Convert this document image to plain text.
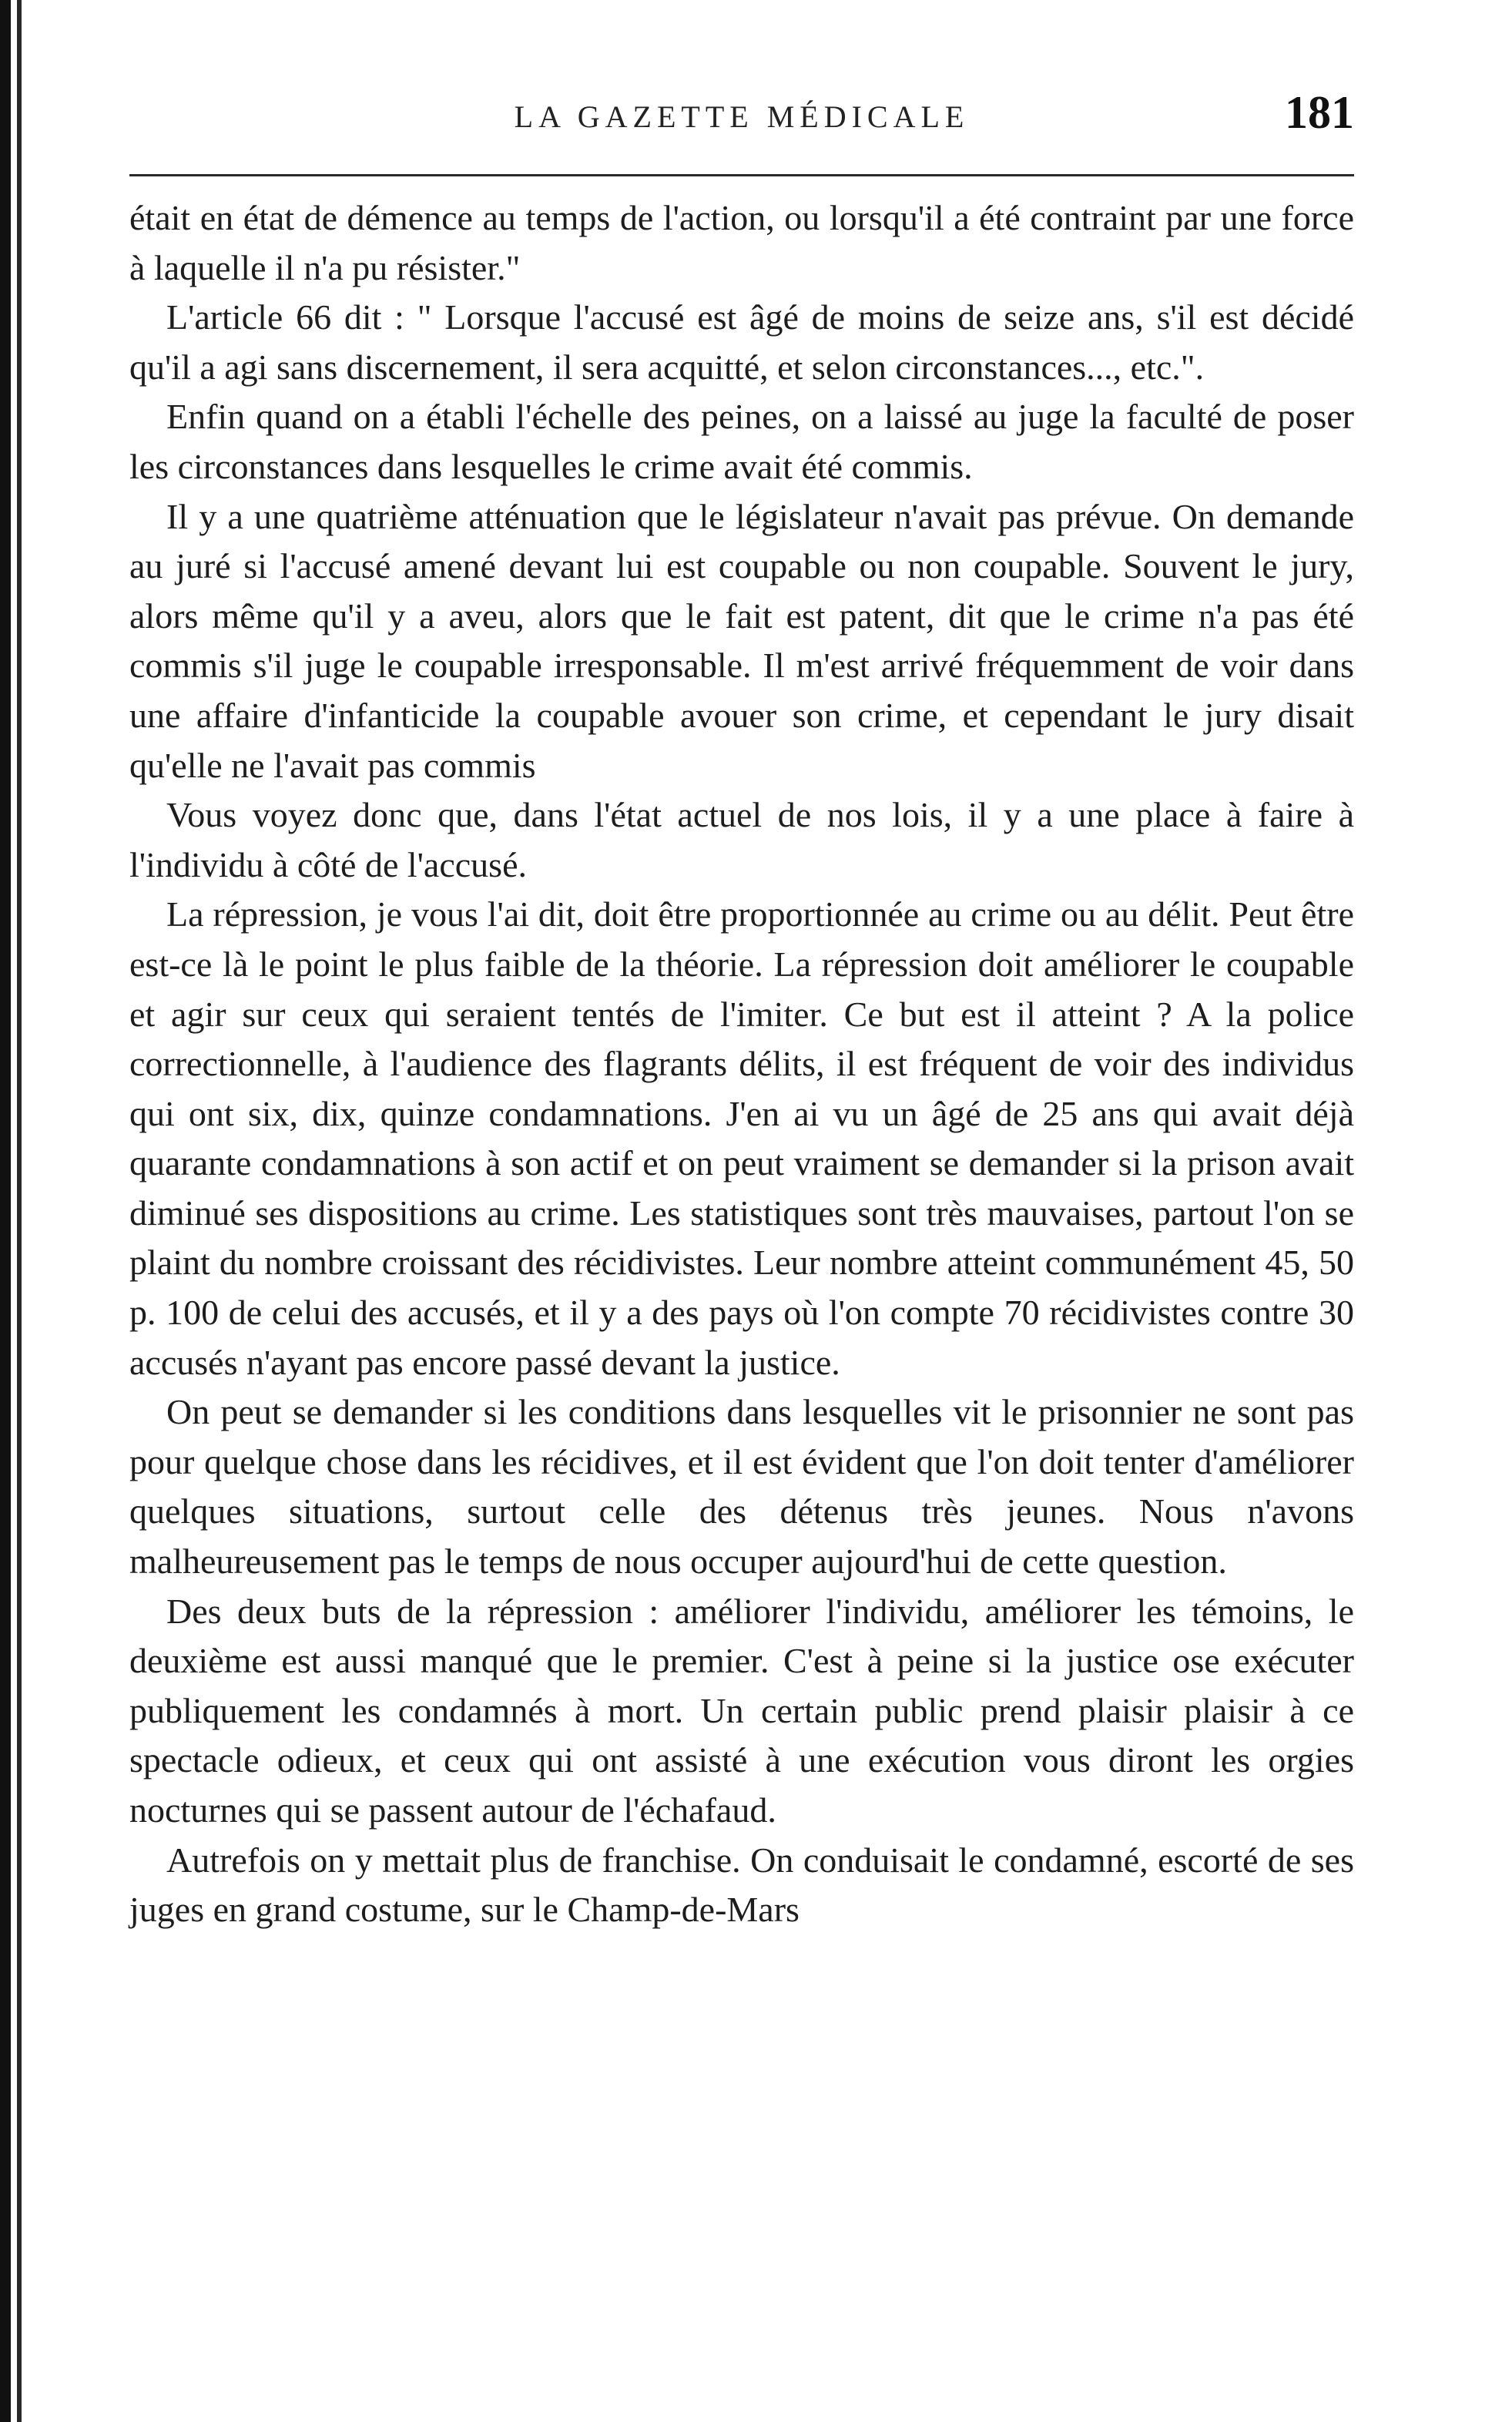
LA GAZETTE MÉDICALE	181

était en état de démence au temps de l'action, ou lorsqu'il a été contraint par une force à laquelle il n'a pu résister."

L'article 66 dit : " Lorsque l'accusé est âgé de moins de seize ans, s'il est décidé qu'il a agi sans discernement, il sera acquitté, et selon circonstances..., etc.".

Enfin quand on a établi l'échelle des peines, on a laissé au juge la faculté de poser les circonstances dans lesquelles le crime avait été commis.

Il y a une quatrième atténuation que le législateur n'avait pas prévue. On demande au juré si l'accusé amené devant lui est coupable ou non coupable. Souvent le jury, alors même qu'il y a aveu, alors que le fait est patent, dit que le crime n'a pas été commis s'il juge le coupable irresponsable. Il m'est arrivé fréquemment de voir dans une affaire d'infanticide la coupable avouer son crime, et cependant le jury disait qu'elle ne l'avait pas commis

Vous voyez donc que, dans l'état actuel de nos lois, il y a une place à faire à l'individu à côté de l'accusé.

La répression, je vous l'ai dit, doit être proportionnée au crime ou au délit. Peut être est-ce là le point le plus faible de la théorie. La répression doit améliorer le coupable et agir sur ceux qui seraient tentés de l'imiter. Ce but est il atteint ? A la police correctionnelle, à l'audience des flagrants délits, il est fréquent de voir des individus qui ont six, dix, quinze condamnations. J'en ai vu un âgé de 25 ans qui avait déjà quarante condamnations à son actif et on peut vraiment se demander si la prison avait diminué ses dispositions au crime. Les statistiques sont très mauvaises, partout l'on se plaint du nombre croissant des récidivistes. Leur nombre atteint communément 45, 50 p. 100 de celui des accusés, et il y a des pays où l'on compte 70 récidivistes contre 30 accusés n'ayant pas encore passé devant la justice.

On peut se demander si les conditions dans lesquelles vit le prisonnier ne sont pas pour quelque chose dans les récidives, et il est évident que l'on doit tenter d'améliorer quelques situations, surtout celle des détenus très jeunes. Nous n'avons malheureusement pas le temps de nous occuper aujourd'hui de cette question.

Des deux buts de la répression : améliorer l'individu, améliorer les témoins, le deuxième est aussi manqué que le premier. C'est à peine si la justice ose exécuter publiquement les condamnés à mort. Un certain public prend plaisir plaisir à ce spectacle odieux, et ceux qui ont assisté à une exécution vous diront les orgies nocturnes qui se passent autour de l'échafaud.

Autrefois on y mettait plus de franchise. On conduisait le condamné, escorté de ses juges en grand costume, sur le Champ-de-Mars
